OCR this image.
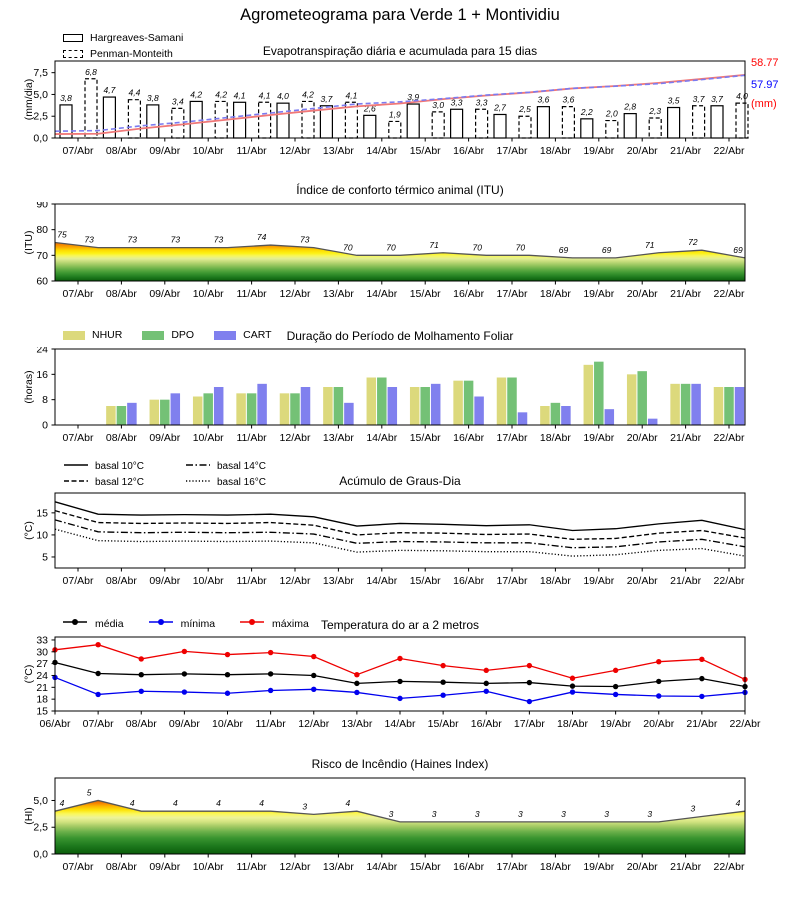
Agrometeograma para Verde 1 + Montividiu
Hargreaves-Samani
Penman-Monteith	Evapotranspiração diária e acumulada para 15 dias
58.77
57.97
(mm)
3,8
6,8
4,7 4,4
3,8 3,4
4,2 4,2 4,1 4,1 4,0 4,2 3,7 4,1
2,6
1,9
3,9
3,0 3,3 3,3
2,7 2,5
3,6 3,6
2,2 2,0
2,8 2,3
3,5 3,7 3,7 4,0
07/Abr 08/Abr 09/Abr 10/Abr 11/Abr 12/Abr 13/Abr 14/Abr 15/Abr 16/Abr 17/Abr 18/Abr 19/Abr 20/Abr 21/Abr 22/Abr
0,0
2,5
5,0
7,5
(mm/dia)
Índice de conforto térmico animal (ITU)
75
73	73	73	73	74	73
70	70	71	70	70	69	69
71	72
69
07/Abr 08/Abr 09/Abr 10/Abr 11/Abr 12/Abr 13/Abr 14/Abr 15/Abr 16/Abr 17/Abr 18/Abr 19/Abr 20/Abr 21/Abr 22/Abr
60
70
80
90
(ITU)
NHUR	DPO	CART	Duração do Período de Molhamento Foliar
07/Abr 08/Abr 09/Abr 10/Abr 11/Abr 12/Abr 13/Abr 14/Abr 15/Abr 16/Abr 17/Abr 18/Abr 19/Abr 20/Abr 21/Abr 22/Abr
0
8
16
24
(horas)
basal 10°C	basal 14°C
basal 12°C	basal 16°C	Acúmulo de Graus-Dia
07/Abr 08/Abr 09/Abr 10/Abr 11/Abr 12/Abr 13/Abr 14/Abr 15/Abr 16/Abr 17/Abr 18/Abr 19/Abr 20/Abr 21/Abr 22/Abr
5
10
15
(°C)
média	mínima	máxima	Temperatura do ar a 2 metros
06/Abr 07/Abr 08/Abr 09/Abr 10/Abr 11/Abr 12/Abr 13/Abr 14/Abr 15/Abr 16/Abr 17/Abr 18/Abr 19/Abr 20/Abr 21/Abr 22/Abr
15
18
21
24
27
30
33
(°C)
Risco de Incêndio (Haines Index)
4
5
4	4	4	4	3	4
3	3	3	3	3	3	3
3
4
07/Abr 08/Abr 09/Abr 10/Abr 11/Abr 12/Abr 13/Abr 14/Abr 15/Abr 16/Abr 17/Abr 18/Abr 19/Abr 20/Abr 21/Abr 22/Abr
0,0
2,5
5,0
(HI)
